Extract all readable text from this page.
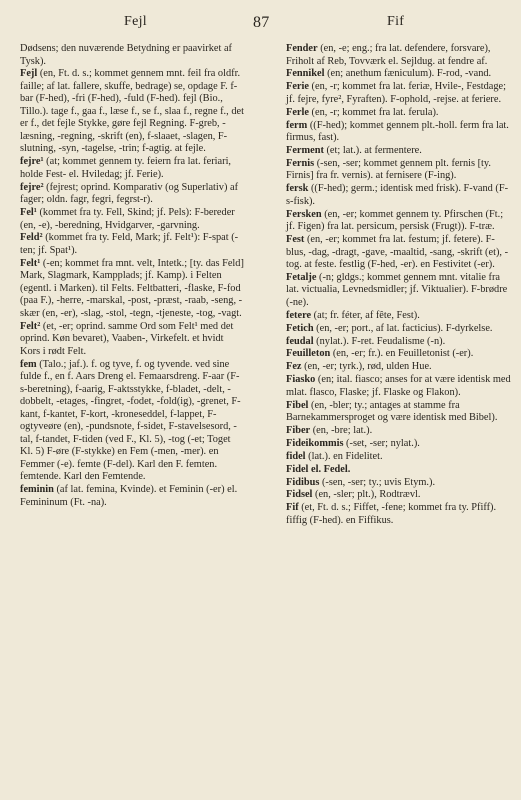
Fejl	87	Fif
Dødsens; den nuværende Betydning er paavirket af Tysk).
Fejl (en, Ft. d. s.; kommet gennem mnt. feil fra oldfr. faille; af lat. fallere, skuffe, bedrage) se, opdage F. f-bar (F-hed), -fri (F-hed), -fuld (F-hed). fejl (Bio., Tillo.). tage f., gaa f., læse f., se f., slaa f., regne f., det er f., det fejle Stykke, gøre fejl Regning. F-greb, -læsning, -regning, -skrift (en), f-slaaet, -slagen, F-slutning, -syn, -tagelse, -trin; f-agtig. at fejle.
fejre¹ (at; kommet gennem ty. feiern fra lat. feriari, holde Fest- el. Hviledag; jf. Ferie).
fejre² (fejrest; oprind. Komparativ (og Superlativ) af fager; oldn. fagr, fegri, fegrst-r).
Fel¹ (kommet fra ty. Fell, Skind; jf. Pels): F-bereder (en, -e), -beredning, Hvidgarver, -garvning.
Feld² (kommet fra ty. Feld, Mark; jf. Felt¹): F-spat (-ten; jf. Spat¹).
Felt¹ (-en; kommet fra mnt. velt, Intetk.; [ty. das Feld] Mark, Slagmark, Kampplads; jf. Kamp). i Felten (egentl. i Marken). til Felts. Feltbatteri, -flaske, F-fod (paa F.), -herre, -marskal, -post, -præst, -raab, -seng, -skær (en, -er), -slag, -stol, -tegn, -tjeneste, -tog, -vagt.
Felt² (et, -er; oprind. samme Ord som Felt¹ med det oprind. Køn bevaret), Vaaben-, Virkefelt. et hvidt Kors i rødt Felt.
fem (Talo.; jaf.). f. og tyve, f. og tyvende. ved sine fulde f., en f. Aars Dreng el. Femaarsdreng. F-aar (F-s-beretning), f-aarig, F-aktsstykke, f-bladet, -delt, -dobbelt, -etages, -fingret, -fodet, -fold(ig), -grenet, F-kant, f-kantet, F-kort, -kroneseddel, f-lappet, F-ogtyveøre (en), -pundsnote, f-sidet, F-stavelsesord, -tal, f-tandet, F-tiden (ved F., Kl. 5), -tog (-et; Toget Kl. 5) F-øre (F-stykke) en Fem (-men, -mer). en Femmer (-e). femte (F-del). Karl den F. femten. femtende. Karl den Femtende.
feminin (af lat. femina, Kvinde). et Feminin (-er) el. Femininum (Ft. -na).
Fender (en, -e; eng.; fra lat. defendere, forsvare), Friholt af Reb, Tovværk el. Sejldug. at fendre af.
Fennikel (en; anethum fæniculum). F-rod, -vand.
Ferie (en, -r; kommet fra lat. feriæ, Hvile-, Festdage; jf. fejre, fyre², Fyraften). F-ophold, -rejse. at feriere.
Ferle (en, -r; kommet fra lat. ferula).
ferm ((F-hed); kommet gennem plt.-holl. ferm fra lat. firmus, fast).
Ferment (et; lat.). at fermentere.
Fernis (-sen, -ser; kommet gennem plt. fernis [ty. Firnis] fra fr. vernis). at fernisere (F-ing).
fersk ((F-hed); germ.; identisk med frisk). F-vand (F-s-fisk).
Fersken (en, -er; kommet gennem ty. Pfirschen (Ft.; jf. Figen) fra lat. persicum, persisk (Frugt)). F-træ.
Fest (en, -er; kommet fra lat. festum; jf. fetere). F-blus, -dag, -dragt, -gave, -maaltid, -sang, -skrift (et), -tog. at feste. festlig (F-hed, -er). en Festivitet (-er).
Fetalje (-n; gldgs.; kommet gennem mnt. vitalie fra lat. victualia, Levnedsmidler; jf. Viktualier). F-brødre (-ne).
fetere (at; fr. féter, af fête, Fest).
Fetich (en, -er; port., af lat. facticius). F-dyrkelse.
feudal (nylat.). F-ret. Feudalisme (-n).
Feuilleton (en, -er; fr.). en Feuilletonist (-er).
Fez (en, -er; tyrk.), rød, ulden Hue.
Fiasko (en; ital. fiasco; anses for at være identisk med mlat. flasco, Flaske; jf. Flaske og Flakon).
Fibel (en, -bler; ty.; antages at stamme fra Barnekammersproget og være identisk med Bibel).
Fiber (en, -bre; lat.).
Fideikommis (-set, -ser; nylat.).
fidel (lat.). en Fidelitet.
Fidel el. Fedel.
Fidibus (-sen, -ser; ty.; uvis Etym.).
Fidsel (en, -sler; plt.), Rodtrævl.
Fif (et, Ft. d. s.; Fiffet, -fene; kommet fra ty. Pfiff). fiffig (F-hed). en Fiffikus.
